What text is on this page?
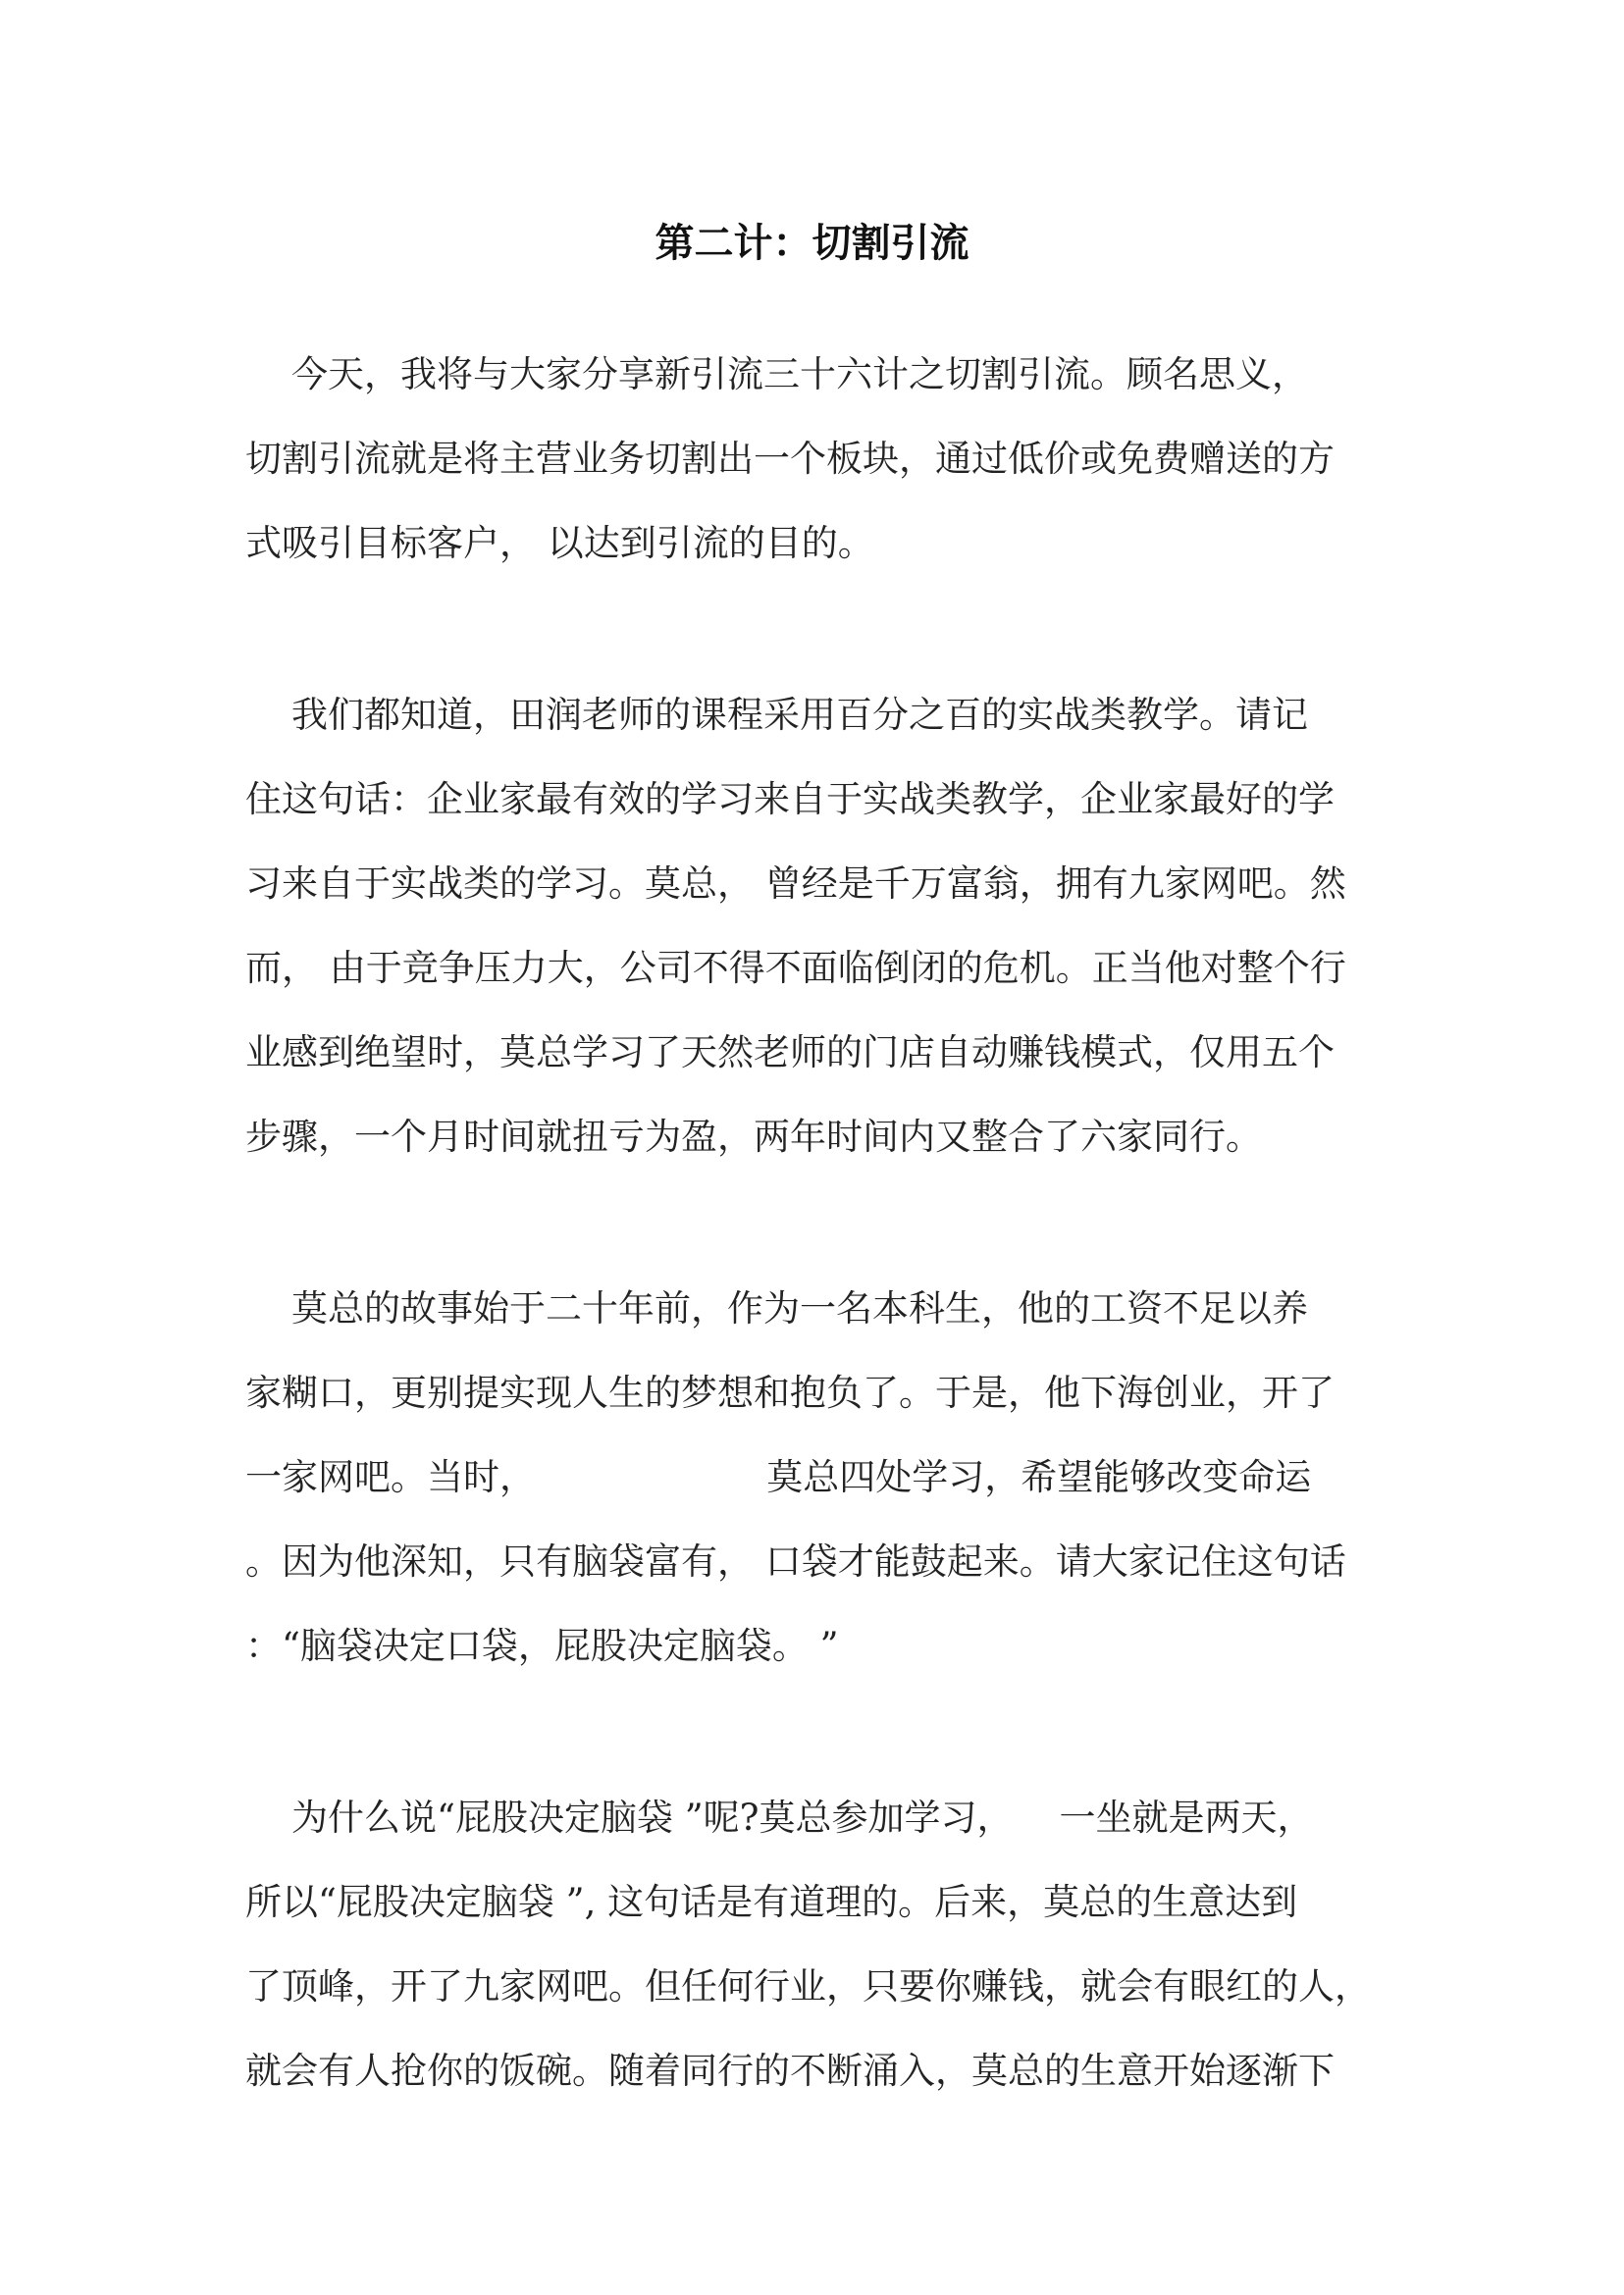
第二计：切割引流
今天，我将与大家分享新引流三十六计之切割引流。顾名思义，
切割引流就是将主营业务切割出一个板块，通过低价或免费赠送的方
式吸引目标客户， 以达到引流的目的。
我们都知道，田润老师的课程采用百分之百的实战类教学。请记
住这句话：企业家最有效的学习来自于实战类教学，企业家最好的学
习来自于实战类的学习。莫总， 曾经是千万富翁，拥有九家网吧。然
而， 由于竞争压力大，公司不得不面临倒闭的危机。正当他对整个行
业感到绝望时，莫总学习了天然老师的门店自动赚钱模式，仅用五个
步骤，一个月时间就扭亏为盈，两年时间内又整合了六家同行。
莫总的故事始于二十年前，作为一名本科生，他的工资不足以养
家糊口，更别提实现人生的梦想和抱负了。于是，他下海创业，开了
一家网吧。当时，                    莫总四处学习，希望能够改变命运
。因为他深知，只有脑袋富有， 口袋才能鼓起来。请大家记住这句话
：“脑袋决定口袋，屁股决定脑袋。 ”
为什么说“屁股决定脑袋 ”呢?莫总参加学习，    一坐就是两天，
所以“屁股决定脑袋 ”, 这句话是有道理的。后来，莫总的生意达到
了顶峰，开了九家网吧。但任何行业，只要你赚钱，就会有眼红的人，
就会有人抢你的饭碗。随着同行的不断涌入，莫总的生意开始逐渐下
